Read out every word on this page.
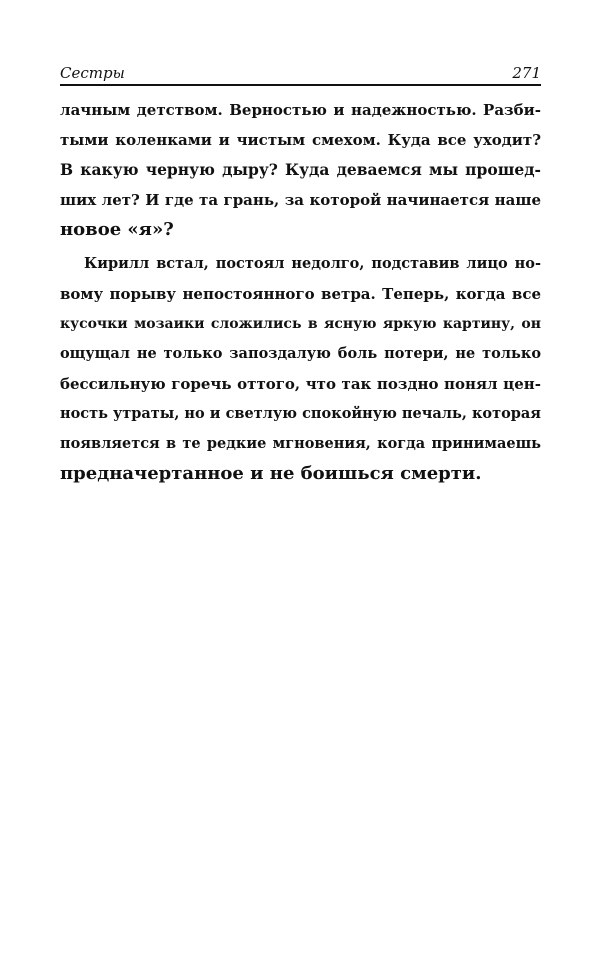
Сестры	271
лачным детством. Верностью и надежностью. Разби-
тыми коленками и чистым смехом. Куда все уходит?
В какую черную дыру? Куда деваемся мы прошед-
ших лет? И где та грань, за которой начинается наше
новое «я»?
Кирилл встал, постоял недолго, подставив лицо но-
вому порыву непостоянного ветра. Теперь, когда все
кусочки мозаики сложились в ясную яркую картину, он
ощущал не только запоздалую боль потери, не только
бессильную горечь оттого, что так поздно понял цен-
ность утраты, но и светлую спокойную печаль, которая
появляется в те редкие мгновения, когда принимаешь
предначертанное и не боишься смерти.
